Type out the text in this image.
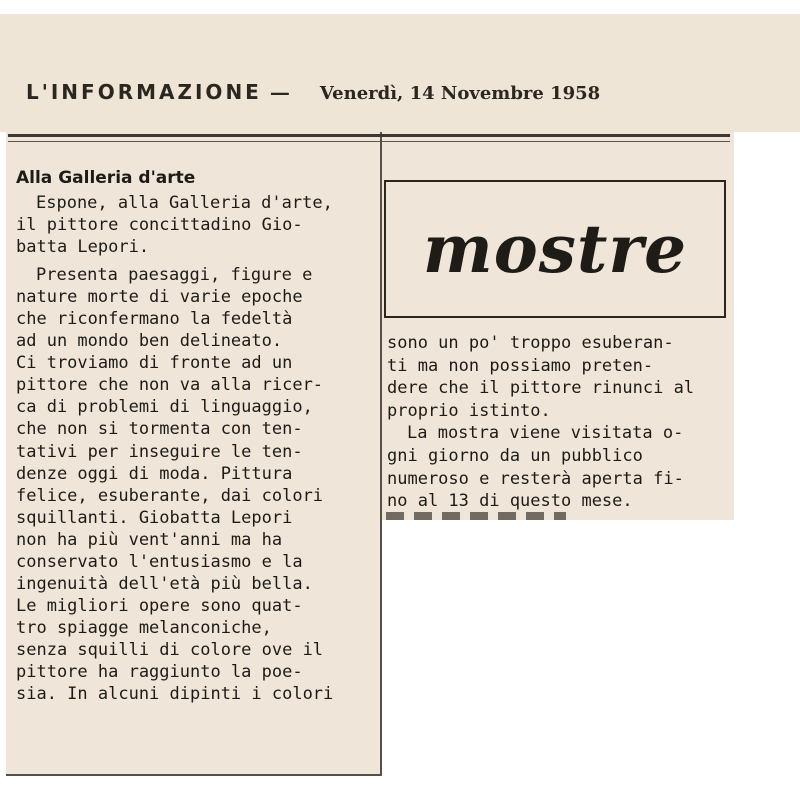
L'INFORMAZIONE — Venerdì, 14 Novembre 1958
Alla Galleria d'arte
Espone, alla Galleria d'arte,
il pittore concittadino Gio-
batta Lepori.
Presenta paesaggi, figure e
nature morte di varie epoche
che riconfermano la fedeltà
ad un mondo ben delineato.
Ci troviamo di fronte ad un
pittore che non va alla ricer-
ca di problemi di linguaggio,
che non si tormenta con ten-
tativi per inseguire le ten-
denze oggi di moda. Pittura
felice, esuberante, dai colori
squillanti. Giobatta Lepori
non ha più vent'anni ma ha
conservato l'entusiasmo e la
ingenuità dell'età più bella.
Le migliori opere sono quat-
tro spiagge melanconiche,
senza squilli di colore ove il
pittore ha raggiunto la poe-
sia. In alcuni dipinti i colori
mostre
sono un po' troppo esuberan-
ti ma non possiamo preten-
dere che il pittore rinunci al
proprio istinto.
La mostra viene visitata o-
gni giorno da un pubblico
numeroso e resterà aperta fi-
no al 13 di questo mese.
